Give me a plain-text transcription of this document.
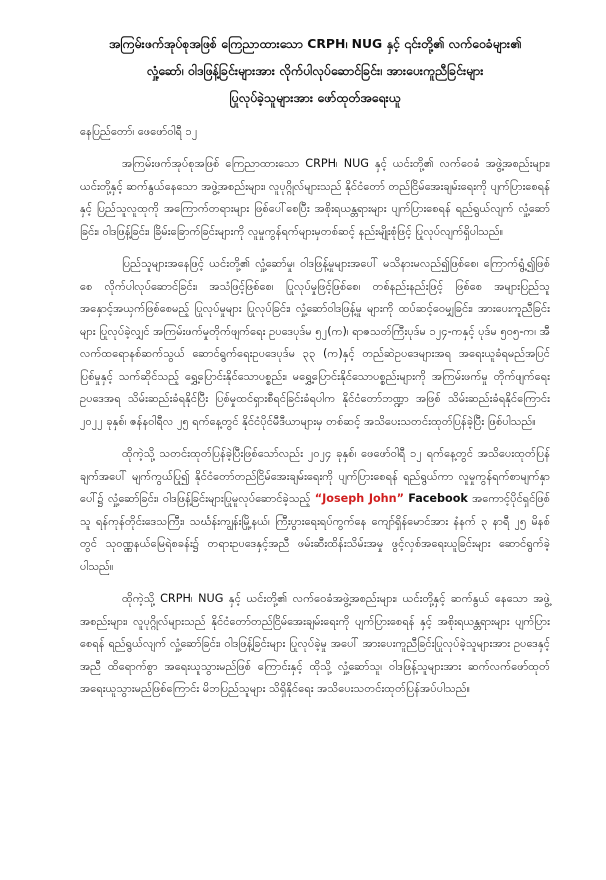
အကြမ်းဖက်အုပ်စုအဖြစ် ကြေညာထားသော CRPH၊ NUG နှင့် ၎င်းတို့၏ လက်ဝေခံများ၏
လှုံ့ဆော်၊ ဝါဒဖြန့်ခြင်းများအား လိုက်ပါလုပ်ဆောင်ခြင်း၊ အားပေးကူညီခြင်းများ
ပြုလုပ်ခဲ့သူများအား ဖော်ထုတ်အရေးယူ

နေပြည်တော်၊ ဖေဖော်ဝါရီ ၁၂

အကြမ်းဖက်အုပ်စုအဖြစ် ကြေညာထားသော CRPH၊ NUG နှင့် ယင်းတို့၏ လက်ဝေခံ အဖွဲ့အစည်းများ၊ ယင်းတို့နှင့် ဆက်နွယ်နေသော အဖွဲ့အစည်းများ၊ လူပုဂ္ဂိုလ်များသည် နိုင်ငံတော် တည်ငြိမ်အေးချမ်းရေးကို ပျက်ပြားစေရန်နှင့် ပြည်သူလူထုကို အကြောက်တရားများ ဖြစ်ပေါ်စေပြီး အစိုးရယန္တရားများ ပျက်ပြားစေရန် ရည်ရွယ်လျက် လှုံ့ဆော်ခြင်း၊ ဝါဒဖြန့်ခြင်း၊ ခြိမ်းခြောက်ခြင်းများကို လူမှုကွန်ရက်များမှတစ်ဆင့် နည်းမျိုးစုံဖြင့် ပြုလုပ်လျက်ရှိပါသည်။

ပြည်သူများအနေဖြင့် ယင်းတို့၏ လှုံ့ဆော်မှု၊ ဝါဒဖြန့်မှုများအပေါ် မသိနားမလည်၍ဖြစ်စေ၊ ကြောက်ရွံ့၍ဖြစ်စေ လိုက်ပါလုပ်ဆောင်ခြင်း၊ အသံဖြင့်ဖြစ်စေ၊ ပြုလုပ်မှုဖြင့်ဖြစ်စေ၊ တစ်နည်းနည်းဖြင့် ဖြစ်စေ အများပြည်သူအနှောင့်အယှက်ဖြစ်စေမည့် ပြုလုပ်မှုများ ပြုလုပ်ခြင်း၊ လှုံ့ဆော်ဝါဒဖြန့်မှု များကို ထပ်ဆင့်ဝေမျှခြင်း၊ အားပေးကူညီခြင်းများ ပြုလုပ်ခဲ့လျှင် အကြမ်းဖက်မှုတိုက်ဖျက်ရေး ဥပဒေပုဒ်မ ၅၂(က)၊ ရာဇသတ်ကြီးပုဒ်မ ၁၂၄-ကနှင့် ပုဒ်မ ၅၀၅-က၊ အီလက်ထရောနစ်ဆက်သွယ် ဆောင်ရွက်ရေးဥပဒေပုဒ်မ ၃၃ (က)နှင့် တည်ဆဲဥပဒေများအရ အရေးယူခံရမည်အပြင် ပြစ်မှုနှင့် သက်ဆိုင်သည့် ရွှေ့ပြောင်းနိုင်သောပစ္စည်း၊ မရွှေ့ပြောင်းနိုင်သောပစ္စည်းများကို အကြမ်းဖက်မှု တိုက်ဖျက်ရေးဥပဒေအရ သိမ်းဆည်းခံရနိုင်ပြီး ပြစ်မှုထင်ရှားစီရင်ခြင်းခံရပါက နိုင်ငံတော်ဘဏ္ဍာ အဖြစ် သိမ်းဆည်းခံရနိုင်ကြောင်း ၂၀၂၂ ခုနှစ်၊ ဇန်နဝါရီလ ၂၅ ရက်နေ့တွင် နိုင်ငံပိုင်မီဒီယာများမှ တစ်ဆင့် အသိပေးသတင်းထုတ်ပြန်ခဲ့ပြီး ဖြစ်ပါသည်။

ထိုကဲ့သို့ သတင်းထုတ်ပြန်ခဲ့ပြီးဖြစ်သော်လည်း ၂၀၂၄ ခုနှစ်၊ ဖေဖော်ဝါရီ ၁၂ ရက်နေ့တွင် အသိပေးထုတ်ပြန်ချက်အပေါ် မျက်ကွယ်ပြု၍ နိုင်ငံတော်တည်ငြိမ်အေးချမ်းရေးကို ပျက်ပြားစေရန် ရည်ရွယ်ကာ လူမှုကွန်ရက်စာမျက်နှာပေါ်၌ လှုံ့ဆော်ခြင်း၊ ဝါဒဖြန့်ခြင်းများပြုမူလုပ်ဆောင်ခဲ့သည့် “Joseph John” Facebook အကောင့်ပိုင်ရှင်ဖြစ်သူ ရန်ကုန်တိုင်းဒေသကြီး၊ သင်္ဃန်းကျွန်းမြို့နယ်၊ ကြီးပွားရေးရပ်ကွက်နေ ကျော်ရှိန်မောင်အား နံနက် ၃ နာရီ ၂၅ မိနစ်တွင် သုဝဏ္ဏနယ်မြေရဲစခန်း၌ တရားဥပဒေနှင့်အညီ ဖမ်းဆီးထိန်းသိမ်းအမှု ဖွင့်လှစ်အရေးယူခြင်းများ ဆောင်ရွက်ခဲ့ပါသည်။

ထိုကဲ့သို့ CRPH၊ NUG နှင့် ယင်းတို့၏ လက်ဝေခံအဖွဲ့အစည်းများ၊ ယင်းတို့နှင့် ဆက်နွယ် နေသော အဖွဲ့အစည်းများ၊ လူပုဂ္ဂိုလ်များသည် နိုင်ငံတော်တည်ငြိမ်အေးချမ်းရေးကို ပျက်ပြားစေရန် နှင့် အစိုးရယန္တရားများ ပျက်ပြားစေရန် ရည်ရွယ်လျက် လှုံ့ဆော်ခြင်း၊ ဝါဒဖြန့်ခြင်းများ ပြုလုပ်ခဲ့မှု အပေါ် အားပေးကူညီခြင်းပြုလုပ်ခဲ့သူများအား ဥပဒေနှင့်အညီ ထိရောက်စွာ အရေးယူသွားမည်ဖြစ် ကြောင်းနှင့် ထိုသို့ လှုံ့ဆော်သူ၊ ဝါဒဖြန့်သူများအား ဆက်လက်ဖော်ထုတ်အရေးယူသွားမည်ဖြစ်ကြောင်း မိဘပြည်သူများ သိရှိနိုင်ရေး အသိပေးသတင်းထုတ်ပြန်အပ်ပါသည်။
